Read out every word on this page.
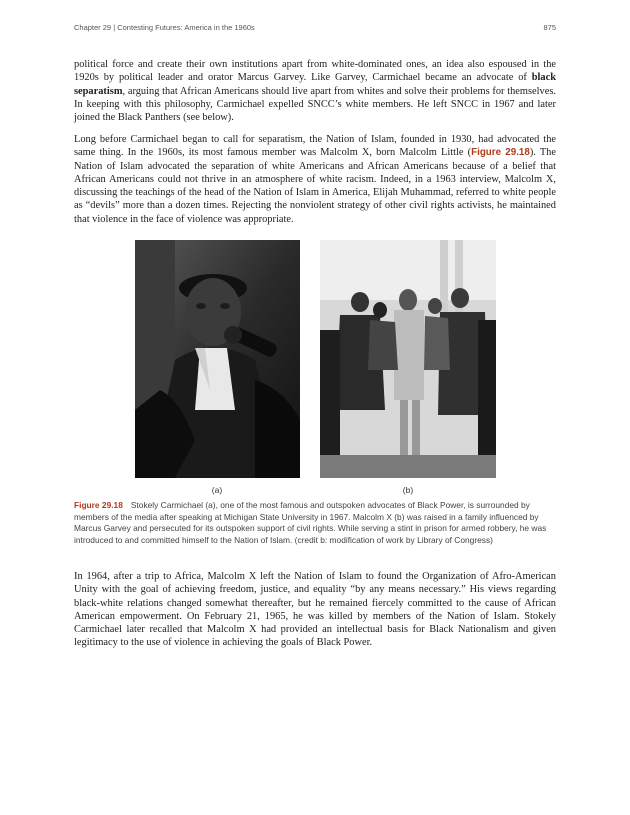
Chapter 29 | Contesting Futures: America in the 1960s	875

political force and create their own institutions apart from white-dominated ones, an idea also espoused in the 1920s by political leader and orator Marcus Garvey. Like Garvey, Carmichael became an advocate of black separatism, arguing that African Americans should live apart from whites and solve their problems for themselves. In keeping with this philosophy, Carmichael expelled SNCC’s white members. He left SNCC in 1967 and later joined the Black Panthers (see below).

Long before Carmichael began to call for separatism, the Nation of Islam, founded in 1930, had advocated the same thing. In the 1960s, its most famous member was Malcolm X, born Malcolm Little (Figure 29.18). The Nation of Islam advocated the separation of white Americans and African Americans because of a belief that African Americans could not thrive in an atmosphere of white racism. Indeed, in a 1963 interview, Malcolm X, discussing the teachings of the head of the Nation of Islam in America, Elijah Muhammad, referred to white people as “devils” more than a dozen times. Rejecting the nonviolent strategy of other civil rights activists, he maintained that violence in the face of violence was appropriate.

(a)	(b)

Figure 29.18 Stokely Carmichael (a), one of the most famous and outspoken advocates of Black Power, is surrounded by members of the media after speaking at Michigan State University in 1967. Malcolm X (b) was raised in a family influenced by Marcus Garvey and persecuted for its outspoken support of civil rights. While serving a stint in prison for armed robbery, he was introduced to and committed himself to the Nation of Islam. (credit b: modification of work by Library of Congress)

In 1964, after a trip to Africa, Malcolm X left the Nation of Islam to found the Organization of Afro-American Unity with the goal of achieving freedom, justice, and equality “by any means necessary.” His views regarding black-white relations changed somewhat thereafter, but he remained fiercely committed to the cause of African American empowerment. On February 21, 1965, he was killed by members of the Nation of Islam. Stokely Carmichael later recalled that Malcolm X had provided an intellectual basis for Black Nationalism and given legitimacy to the use of violence in achieving the goals of Black Power.
